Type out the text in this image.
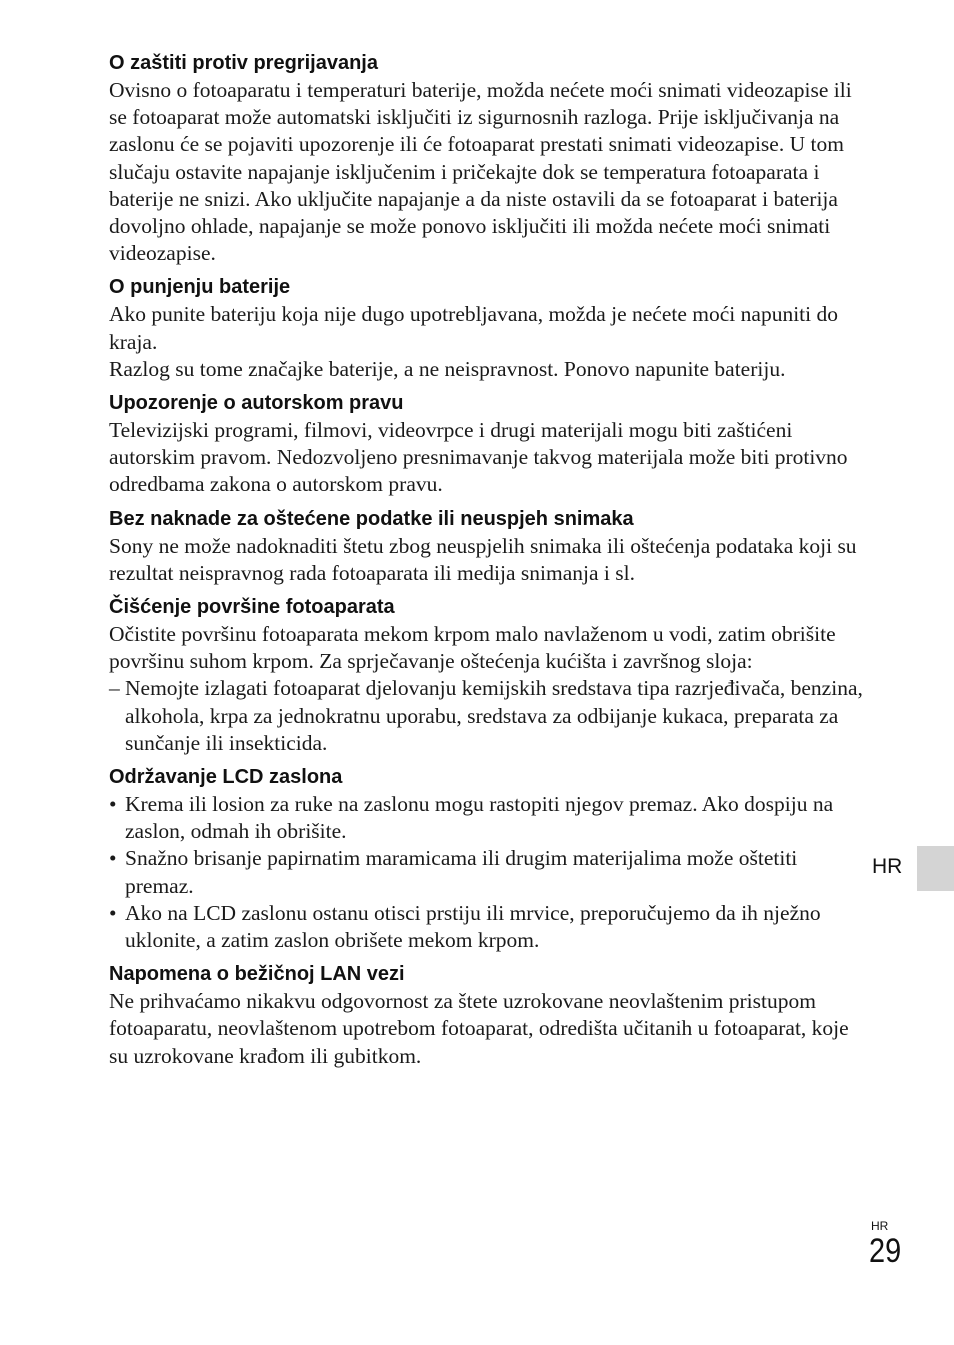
O zaštiti protiv pregrijavanja

Ovisno o fotoaparatu i temperaturi baterije, možda nećete moći snimati videozapise ili se fotoaparat može automatski isključiti iz sigurnosnih razloga. Prije isključivanja na zaslonu će se pojaviti upozorenje ili će fotoaparat prestati snimati videozapise. U tom slučaju ostavite napajanje isključenim i pričekajte dok se temperatura fotoaparata i baterije ne snizi. Ako uključite napajanje a da niste ostavili da se fotoaparat i baterija dovoljno ohlade, napajanje se može ponovo isključiti ili možda nećete moći snimati videozapise.

O punjenju baterije

Ako punite bateriju koja nije dugo upotrebljavana, možda je nećete moći napuniti do kraja.

Razlog su tome značajke baterije, a ne neispravnost. Ponovo napunite bateriju.

Upozorenje o autorskom pravu

Televizijski programi, filmovi, videovrpce i drugi materijali mogu biti zaštićeni autorskim pravom. Nedozvoljeno presnimavanje takvog materijala može biti protivno odredbama zakona o autorskom pravu.

Bez naknade za oštećene podatke ili neuspjeh snimaka

Sony ne može nadoknaditi štetu zbog neuspjelih snimaka ili oštećenja podataka koji su rezultat neispravnog rada fotoaparata ili medija snimanja i sl.

Čišćenje površine fotoaparata

Očistite površinu fotoaparata mekom krpom malo navlaženom u vodi, zatim obrišite površinu suhom krpom. Za sprječavanje oštećenja kućišta i završnog sloja:

– Nemojte izlagati fotoaparat djelovanju kemijskih sredstava tipa razrjeđivača, benzina, alkohola, krpa za jednokratnu uporabu, sredstava za odbijanje kukaca, preparata za sunčanje ili insekticida.
Održavanje LCD zaslona
• Krema ili losion za ruke na zaslonu mogu rastopiti njegov premaz. Ako dospiju na zaslon, odmah ih obrišite.
• Snažno brisanje papirnatim maramicama ili drugim materijalima može oštetiti premaz.
• Ako na LCD zaslonu ostanu otisci prstiju ili mrvice, preporučujemo da ih nježno uklonite, a zatim zaslon obrišete mekom krpom.
Napomena o bežičnoj LAN vezi

Ne prihvaćamo nikakvu odgovornost za štete uzrokovane neovlaštenim pristupom fotoaparatu, neovlaštenom upotrebom fotoaparat, odredišta učitanih u fotoaparat, koje su uzrokovane krađom ili gubitkom.

HR
HR
29
